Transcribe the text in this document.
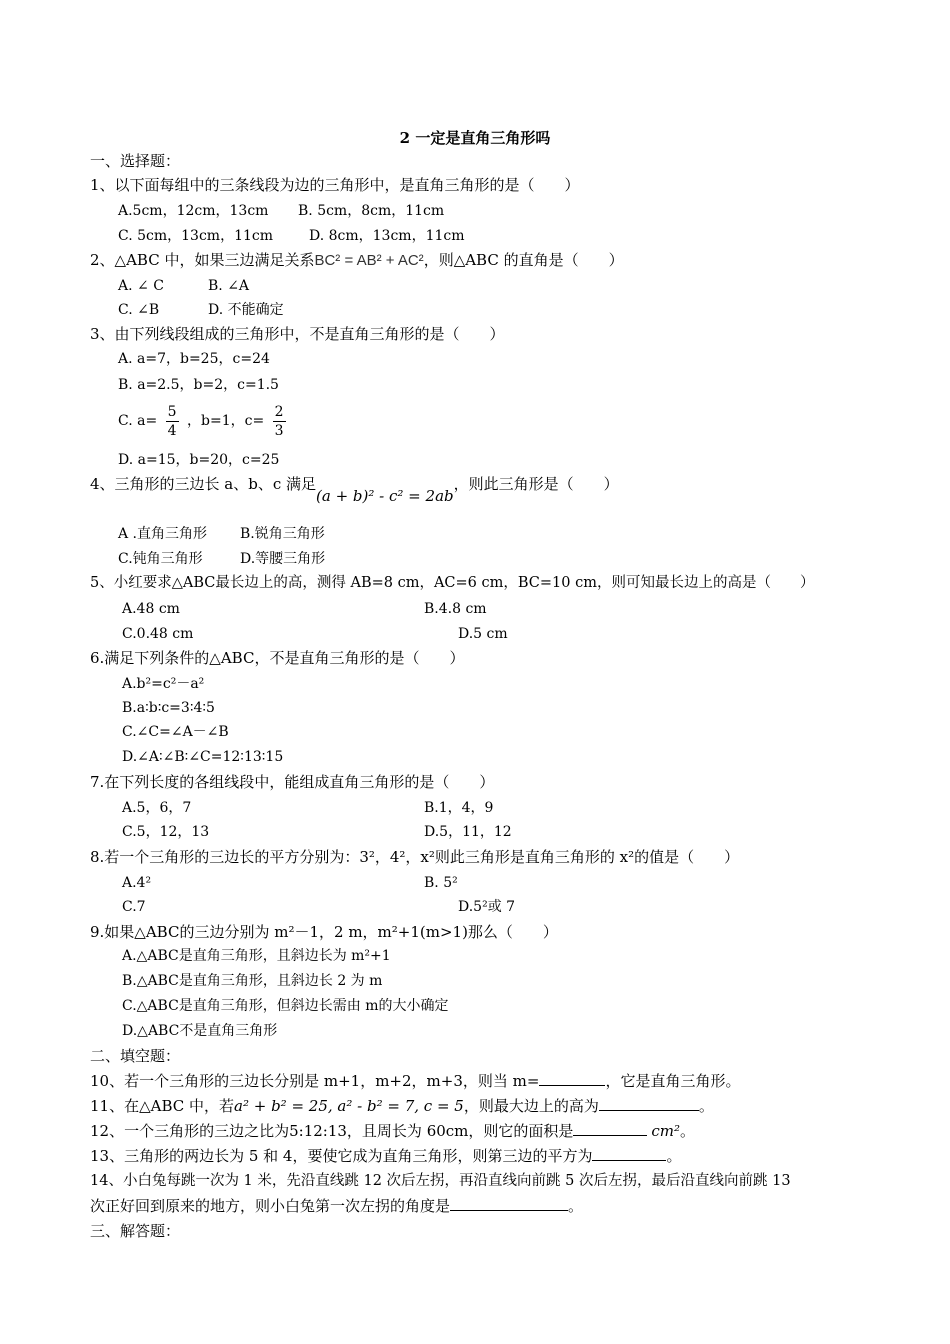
2 一定是直角三角形吗
一、选择题：
1、以下面每组中的三条线段为边的三角形中，是直角三角形的是（　　）
A.5cm，12cm，13cm B. 5cm，8cm，11cm
C. 5cm，13cm，11cm	D. 8cm，13cm，11cm
2、△ABC 中，如果三边满足关系BC² = AB² + AC²，则△ABC 的直角是（　　）
A. ∠ C	B. ∠A
C. ∠B	D. 不能确定
3、由下列线段组成的三角形中，不是直角三角形的是（　　）
A. a=7，b=25，c=24
B. a=2.5，b=2，c=1.5
C. $a= \frac{5}{4}$ ，b=1，$c= \frac{2}{3}$
D. a=15，b=20，c=25
4、三角形的三边长 a、b、c 满足(a + b)² - c² = 2ab，则此三角形是（　　）
A .直角三角形 B.锐角三角形
C.钝角三角形	D.等腰三角形
5、小红要求△ABC最长边上的高，测得 AB=8 cm，AC=6 cm，BC=10 cm，则可知最长边上的高是（　　）
A.48 cm	B.4.8 cm
C.0.48 cm	D.5 cm
6.满足下列条件的△ABC，不是直角三角形的是（　　）
A.b²=c²－a²
B.a∶b∶c=3∶4∶5
C.∠C=∠A－∠B
D.∠A∶∠B∶∠C=12∶13∶15
7.在下列长度的各组线段中，能组成直角三角形的是（　　）
A.5，6，7	B.1，4，9
C.5，12，13	D.5，11，12
8.若一个三角形的三边长的平方分别为：3²，4²，x²则此三角形是直角三角形的 x²的值是（　　）
A.4²	B. 5²
C.7	D.5²或 7
9.如果△ABC的三边分别为 m²－1，2 m，m²+1(m>1)那么（　　）
A.△ABC是直角三角形，且斜边长为 m²+1
B.△ABC是直角三角形，且斜边长 2 为 m
C.△ABC是直角三角形，但斜边长需由 m的大小确定
D.△ABC不是直角三角形
二、填空题：
10、若一个三角形的三边长分别是 m+1，m+2，m+3，则当 m=	，它是直角三角形。
11、在△ABC 中，若a² + b² = 25, a² - b² = 7, c = 5，则最大边上的高为	。
12、一个三角形的三边之比为5:12:13，且周长为 60cm，则它的面积是	cm²。
13、三角形的两边长为 5 和 4，要使它成为直角三角形，则第三边的平方为	。
14、小白兔每跳一次为 1 米，先沿直线跳 12 次后左拐，再沿直线向前跳 5 次后左拐，最后沿直线向前跳 13
次正好回到原来的地方，则小白兔第一次左拐的角度是	。
三、解答题：
